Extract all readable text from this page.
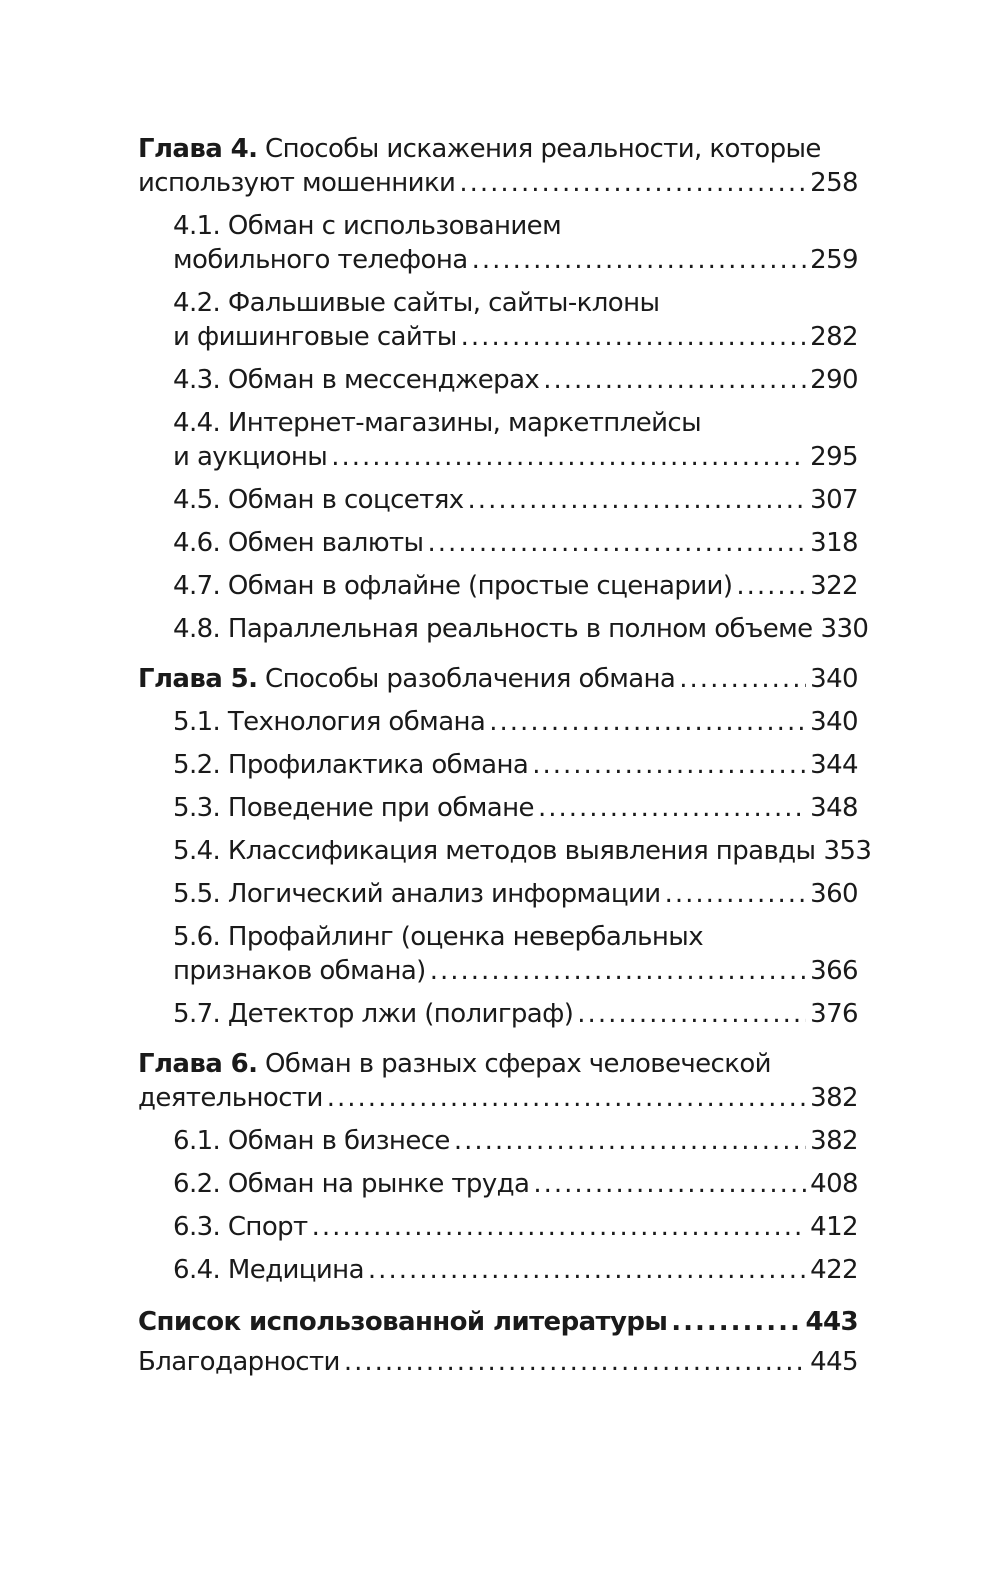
Глава 4. Способы искажения реальности, которые
используют мошенники .....	258
4.1. Обман с использованием
мобильного телефона .....	259
4.2. Фальшивые сайты, сайты-клоны
и фишинговые сайты .....	282
4.3. Обман в мессенджерах .....	290
4.4. Интернет-магазины, маркетплейсы
и аукционы .....	295
4.5. Обман в соцсетях .....	307
4.6. Обмен валюты .....	318
4.7. Обман в офлайне (простые сценарии) .....	322
4.8. Параллельная реальность в полном объеме 330
Глава 5. Способы разоблачения обмана .....	340
5.1. Технология обмана .....	340
5.2. Профилактика обмана .....	344
5.3. Поведение при обмане .....	348
5.4. Классификация методов выявления правды 353
5.5. Логический анализ информации .....	360
5.6. Профайлинг (оценка невербальных
признаков обмана) .....	366
5.7. Детектор лжи (полиграф) .....	376
Глава 6. Обман в разных сферах человеческой
деятельности .....	382
6.1. Обман в бизнесе .....	382
6.2. Обман на рынке труда .....	408
6.3. Спорт .....	412
6.4. Медицина .....	422
Список использованной литературы .....	443
Благодарности .....	445
